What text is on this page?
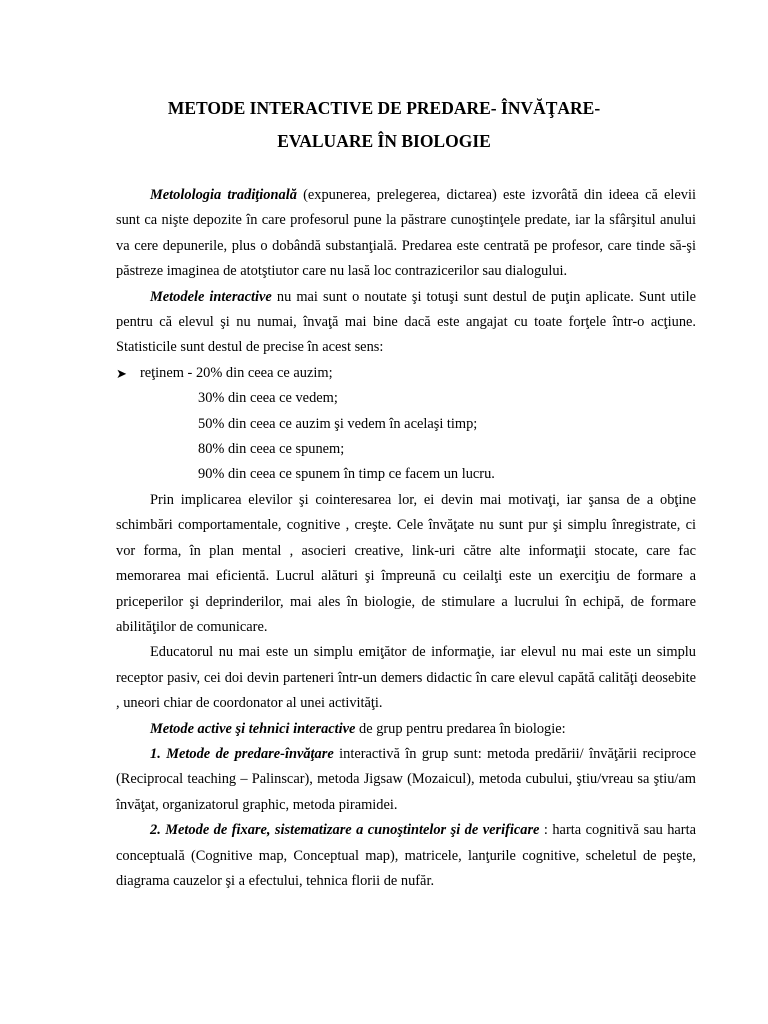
METODE INTERACTIVE DE PREDARE- ÎNVĂŢARE-
EVALUARE ÎN BIOLOGIE

Metolologia tradiţională (expunerea, prelegerea, dictarea) este izvorâtă din ideea că elevii sunt ca nişte depozite în care profesorul pune la păstrare cunoştinţele predate, iar la sfârşitul anului va cere depunerile, plus o dobândă substanţială. Predarea este centrată pe profesor, care tinde să-şi păstreze imaginea de atotştiutor care nu lasă loc contrazicerilor sau dialogului.

Metodele interactive nu mai sunt o noutate şi totuşi sunt destul de puţin aplicate. Sunt utile pentru că elevul şi nu numai, învaţă mai bine dacă este angajat cu toate forţele într-o acţiune. Statisticile sunt destul de precise în acest sens:

➤ reţinem - 20% din ceea ce auzim;
30% din ceea ce vedem;
50% din ceea ce auzim şi vedem în acelaşi timp;
80% din ceea ce spunem;
90% din ceea ce spunem în timp ce facem un lucru.

Prin implicarea elevilor şi cointeresarea lor, ei devin mai motivaţi, iar şansa de a obţine schimbări comportamentale, cognitive , creşte. Cele învăţate nu sunt pur şi simplu înregistrate, ci vor forma, în plan mental , asocieri creative, link-uri către alte informaţii stocate, care fac memorarea mai eficientă. Lucrul alături şi împreună cu ceilalţi este un exerciţiu de formare a priceperilor şi deprinderilor, mai ales în biologie, de stimulare a lucrului în echipă, de formare abilităţilor de comunicare.

Educatorul nu mai este un simplu emiţător de informaţie, iar elevul nu mai este un simplu receptor pasiv, cei doi devin parteneri într-un demers didactic în care elevul capătă calităţi deosebite , uneori chiar de coordonator al unei activităţi.

Metode active şi tehnici interactive de grup pentru predarea în biologie:

1. Metode de predare-învăţare interactivă în grup sunt: metoda predării/ învăţării reciproce (Reciprocal teaching – Palinscar), metoda Jigsaw (Mozaicul), metoda cubului, ştiu/vreau sa ştiu/am învăţat, organizatorul graphic, metoda piramidei.

2. Metode de fixare, sistematizare a cunoştintelor şi de verificare : harta cognitivă sau harta conceptuală (Cognitive map, Conceptual map), matricele, lanţurile cognitive, scheletul de peşte, diagrama cauzelor şi a efectului, tehnica florii de nufăr.
